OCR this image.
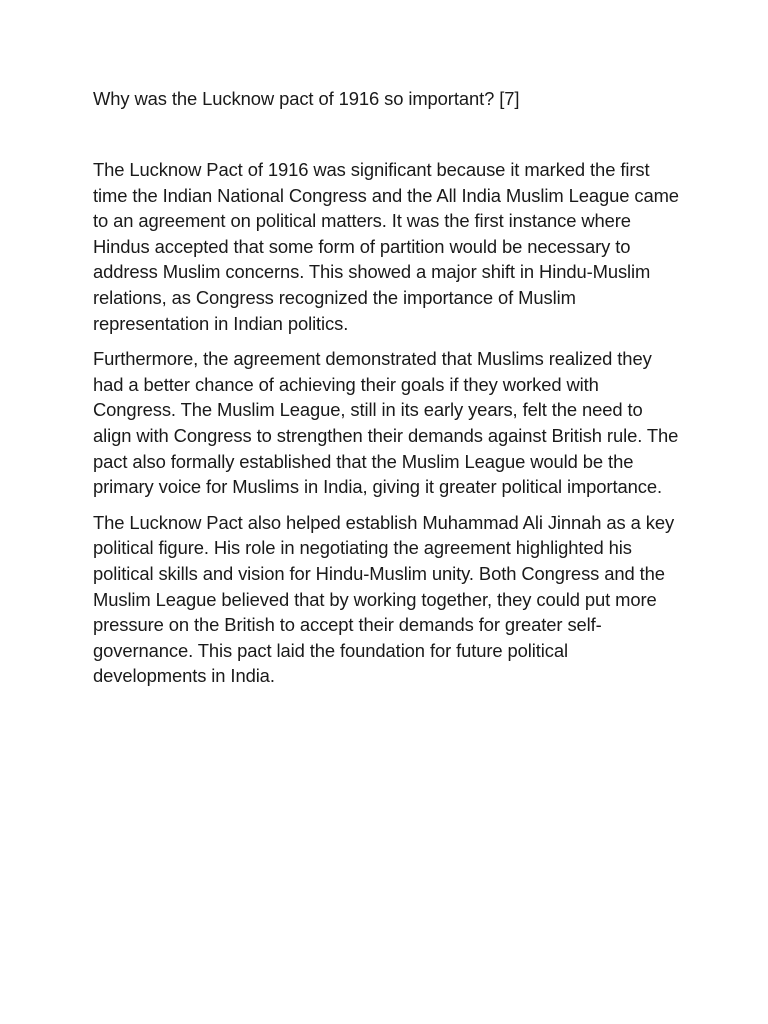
Why was the Lucknow pact of 1916 so important? [7]

The Lucknow Pact of 1916 was significant because it marked the first time the Indian National Congress and the All India Muslim League came to an agreement on political matters. It was the first instance where Hindus accepted that some form of partition would be necessary to address Muslim concerns. This showed a major shift in Hindu-Muslim relations, as Congress recognized the importance of Muslim representation in Indian politics.

Furthermore, the agreement demonstrated that Muslims realized they had a better chance of achieving their goals if they worked with Congress. The Muslim League, still in its early years, felt the need to align with Congress to strengthen their demands against British rule. The pact also formally established that the Muslim League would be the primary voice for Muslims in India, giving it greater political importance.

The Lucknow Pact also helped establish Muhammad Ali Jinnah as a key political figure. His role in negotiating the agreement highlighted his political skills and vision for Hindu-Muslim unity. Both Congress and the Muslim League believed that by working together, they could put more pressure on the British to accept their demands for greater self-governance. This pact laid the foundation for future political developments in India.
